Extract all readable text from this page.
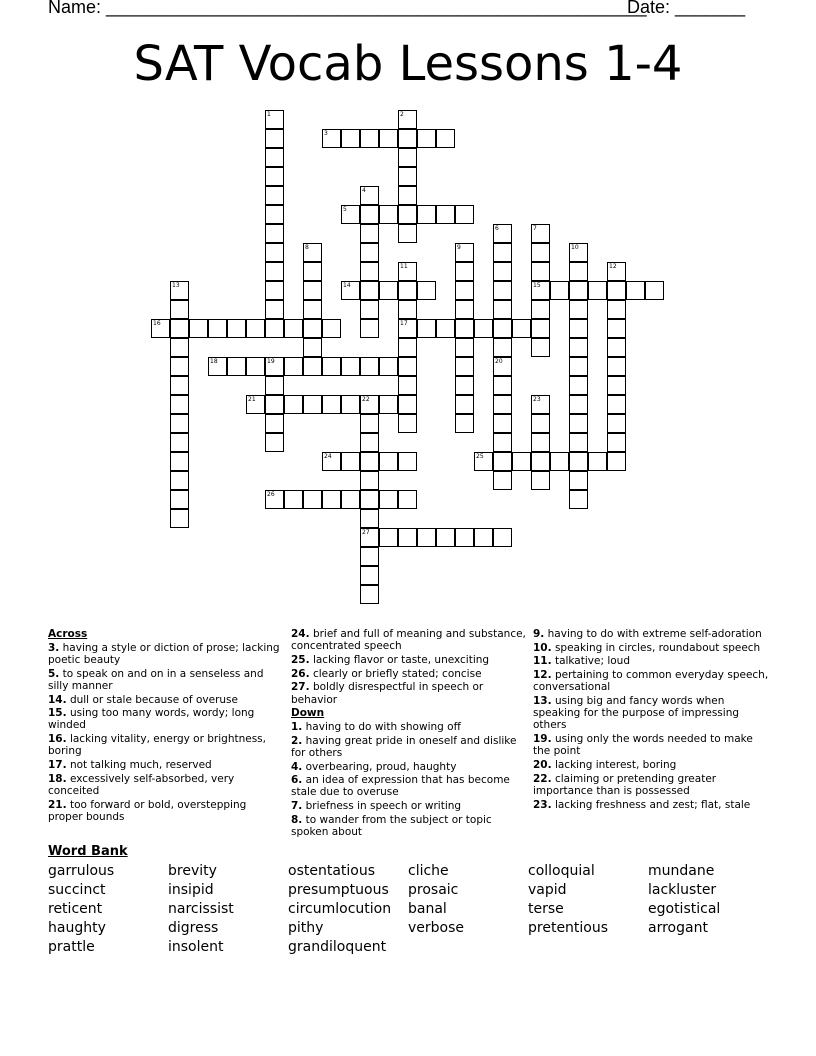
Name: ______________________________________________________
Date: _______
SAT Vocab Lessons 1-4
1	2
3
4
5
6
20
7
15
8	9	10
11
17
12
13	14
16
18	19
21	22
27
23
24	25
26
Across
3. having a style or diction of prose; lacking poetic beauty
5. to speak on and on in a senseless and silly manner
14. dull or stale because of overuse
15. using too many words, wordy; long winded
16. lacking vitality, energy or brightness, boring
17. not talking much, reserved
18. excessively self-absorbed, very conceited
21. too forward or bold, overstepping proper bounds
24. brief and full of meaning and substance, concentrated speech
25. lacking flavor or taste, unexciting
26. clearly or briefly stated; concise
27. boldly disrespectful in speech or behavior
Down
1. having to do with showing off
2. having great pride in oneself and dislike for others
4. overbearing, proud, haughty
6. an idea of expression that has become stale due to overuse
7. briefness in speech or writing
8. to wander from the subject or topic spoken about
9. having to do with extreme self-adoration
10. speaking in circles, roundabout speech
11. talkative; loud
12. pertaining to common everyday speech, conversational
13. using big and fancy words when speaking for the purpose of impressing others
19. using only the words needed to make the point
20. lacking interest, boring
22. claiming or pretending greater importance than is possessed
23. lacking freshness and zest; flat, stale
Word Bank
garrulous
succinct
reticent
haughty
prattle
brevity
insipid
narcissist
digress
insolent
ostentatious
presumptuous
circumlocution
pithy
grandiloquent
cliche
prosaic
banal
verbose
colloquial
vapid
terse
pretentious
mundane
lackluster
egotistical
arrogant
